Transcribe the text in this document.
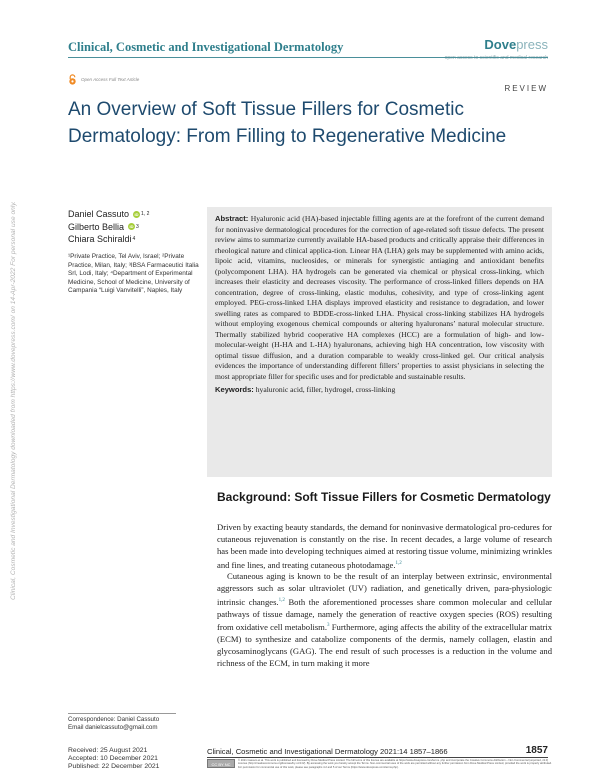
Clinical, Cosmetic and Investigational Dermatology	Dovepress
open access to scientific and medical research
Open Access Full Text Article
REVIEW
An Overview of Soft Tissue Fillers for Cosmetic
Dermatology: From Filling to Regenerative Medicine
Clinical, Cosmetic and Investigational Dermatology downloaded from https://www.dovepress.com/ on 14-Apr-2022 For personal use only.	Daniel Cassuto	iD 1, 2
Gilberto Bellia	iD 3
Chiara Schiraldi 4
¹Private Practice, Tel Aviv, Israel; ²Private Practice, Milan, Italy; ³IBSA Farmaceutici Italia Srl, Lodi, Italy; ⁴Department of Experimental Medicine, School of Medicine, University of Campania “Luigi Vanvitelli”, Naples, Italy
Abstract: Hyaluronic acid (HA)-based injectable filling agents are at the forefront of the current demand for noninvasive dermatological procedures for the correction of age-related soft tissue defects. The present review aims to summarize currently available HA-based products and critically appraise their differences in rheological nature and clinical applica-tion. Linear HA (LHA) gels may be supplemented with amino acids, lipoic acid, vitamins, nucleosides, or minerals for synergistic antiaging and antioxidant benefits (polycomponent LHA). HA hydrogels can be generated via chemical or physical cross-linking, which increases their elasticity and decreases viscosity. The performance of cross-linked fillers depends on HA concentration, degree of cross-linking, elastic modulus, cohesivity, and type of cross-linking agent employed. PEG-cross-linked LHA displays improved elasticity and resistance to degradation, and lower swelling rates as compared to BDDE-cross-linked LHA. Physical cross-linking stabilizes HA hydrogels without employing exogenous chemical compounds or altering hyaluronans’ natural molecular structure. Thermally stabilized hybrid cooperative HA complexes (HCC) are a formulation of high- and low-molecular-weight (H-HA and L-HA) hyaluronans, achieving high HA concentration, low viscosity with optimal tissue diffusion, and a duration comparable to weakly cross-linked gel. Our critical analysis evidences the importance of understanding different fillers’ properties to assist physicians in selecting the most appropriate filler for specific uses and for predictable and sustainable results.
Keywords: hyaluronic acid, filler, hydrogel, cross-linking
Background: Soft Tissue Fillers for Cosmetic Dermatology

Driven by exacting beauty standards, the demand for noninvasive dermatological pro-cedures for cutaneous rejuvenation is constantly on the rise. In recent decades, a large volume of research has been made into developing techniques aimed at restoring tissue volume, minimizing wrinkles and fine lines, and treating cutaneous photodamage.$^{1,2}$

Cutaneous aging is known to be the result of an interplay between extrinsic, environmental aggressors such as solar ultraviolet (UV) radiation, and genetically driven, para-physiologic intrinsic changes.$^{1,2}$ Both the aforementioned processes share common molecular and cellular pathways of tissue damage, namely the generation of reactive oxygen species (ROS) resulting from oxidative cell metabolism.$^3$ Furthermore, aging affects the ability of the extracellular matrix (ECM) to synthesize and catabolize components of the dermis, namely collagen, elastin and glycosaminoglycans (GAG). The end result of such processes is a reduction in the volume and richness of the ECM, in turn making it more

Correspondence: Daniel Cassuto
Email danielcassuto@gmail.com
Received: 25 August 2021
Accepted: 10 December 2021
Published: 22 December 2021
Clinical, Cosmetic and Investigational Dermatology 2021:14 1857–1866	1857
CC BY NC
© 2021 Cassuto et al. This work is published and licensed by Dove Medical Press Limited. The full terms of this license are available at https://www.dovepress.com/terms. php and incorporate the Creative Commons Attribution – Non Commercial (unported, v3.0) License (http://creativecommons.org/licenses/by-nc/3.0/). By accessing the work you hereby accept the Terms. Non-commercial uses of the work are permitted without any further permission from Dove Medical Press Limited, provided the work is properly attributed. For permission for commercial use of this work, please see paragraphs 4.2 and 5 of our Terms (https://www.dovepress.com/terms.php).
